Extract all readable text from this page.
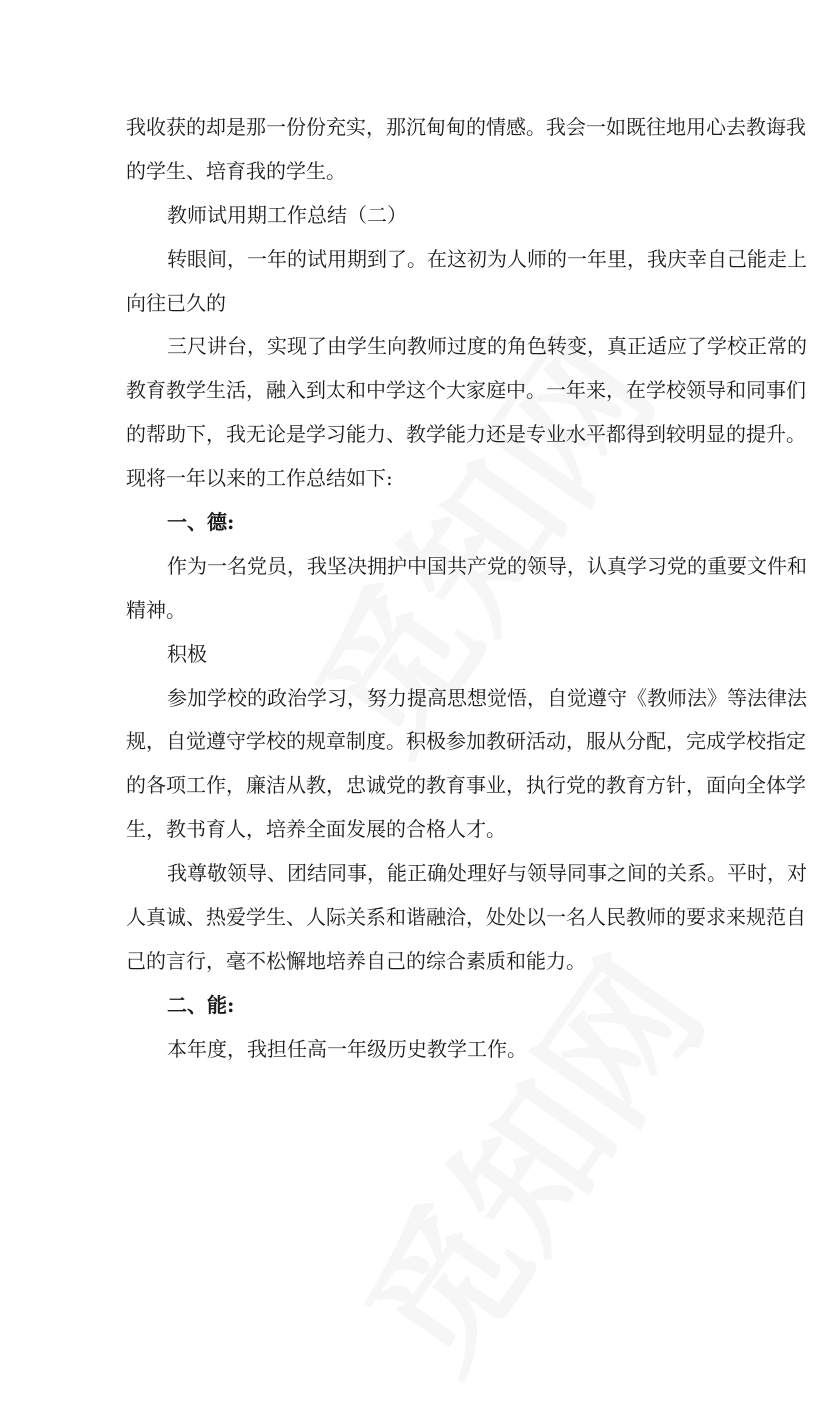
我收获的却是那一份份充实，那沉甸甸的情感。我会一如既往地用心去教诲我
的学生、培育我的学生。
教师试用期工作总结（二）
转眼间，一年的试用期到了。在这初为人师的一年里，我庆幸自己能走上
向往已久的
三尺讲台，实现了由学生向教师过度的角色转变，真正适应了学校正常的
教育教学生活，融入到太和中学这个大家庭中。一年来，在学校领导和同事们
的帮助下，我无论是学习能力、教学能力还是专业水平都得到较明显的提升。
现将一年以来的工作总结如下:
一、德:
作为一名党员，我坚决拥护中国共产党的领导，认真学习党的重要文件和
精神。
积极
参加学校的政治学习，努力提高思想觉悟，自觉遵守《教师法》等法律法
规，自觉遵守学校的规章制度。积极参加教研活动，服从分配，完成学校指定
的各项工作，廉洁从教，忠诚党的教育事业，执行党的教育方针，面向全体学
生，教书育人，培养全面发展的合格人才。
我尊敬领导、团结同事，能正确处理好与领导同事之间的关系。平时，对
人真诚、热爱学生、人际关系和谐融洽，处处以一名人民教师的要求来规范自
己的言行，毫不松懈地培养自己的综合素质和能力。
二、能:
本年度，我担任高一年级历史教学工作。
